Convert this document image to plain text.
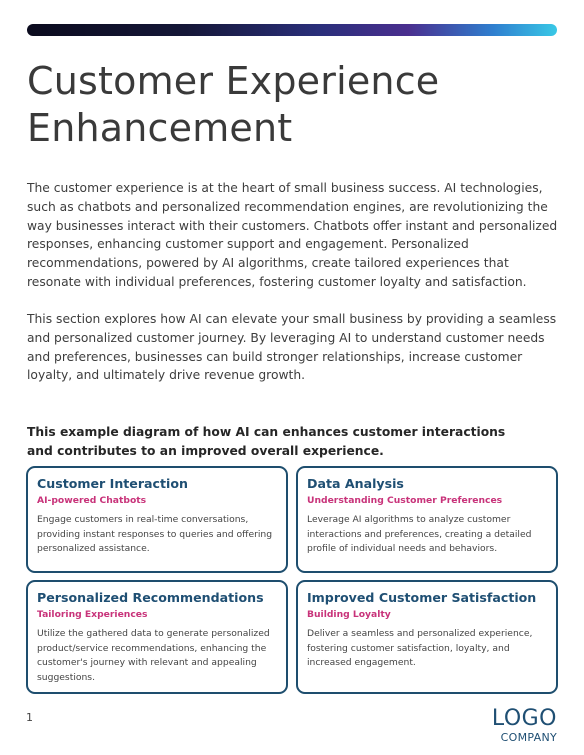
Customer Experience
Enhancement

The customer experience is at the heart of small business success. AI technologies, such as chatbots and personalized recommendation engines, are revolutionizing the way businesses interact with their customers. Chatbots offer instant and personalized responses, enhancing customer support and engagement. Personalized recommendations, powered by AI algorithms, create tailored experiences that resonate with individual preferences, fostering customer loyalty and satisfaction.

This section explores how AI can elevate your small business by providing a seamless and personalized customer journey. By leveraging AI to understand customer needs and preferences, businesses can build stronger relationships, increase customer loyalty, and ultimately drive revenue growth.

This example diagram of how AI can enhances customer interactions and contributes to an improved overall experience.

Customer Interaction
AI-powered Chatbots
Engage customers in real-time conversations, providing instant responses to queries and offering personalized assistance.
Data Analysis
Understanding Customer Preferences
Leverage AI algorithms to analyze customer interactions and preferences, creating a detailed profile of individual needs and behaviors.
Personalized Recommendations
Tailoring Experiences
Utilize the gathered data to generate personalized product/service recommendations, enhancing the customer's journey with relevant and appealing suggestions.
Improved Customer Satisfaction
Building Loyalty
Deliver a seamless and personalized experience, fostering customer satisfaction, loyalty, and increased engagement.
1	LOGO
COMPANY
